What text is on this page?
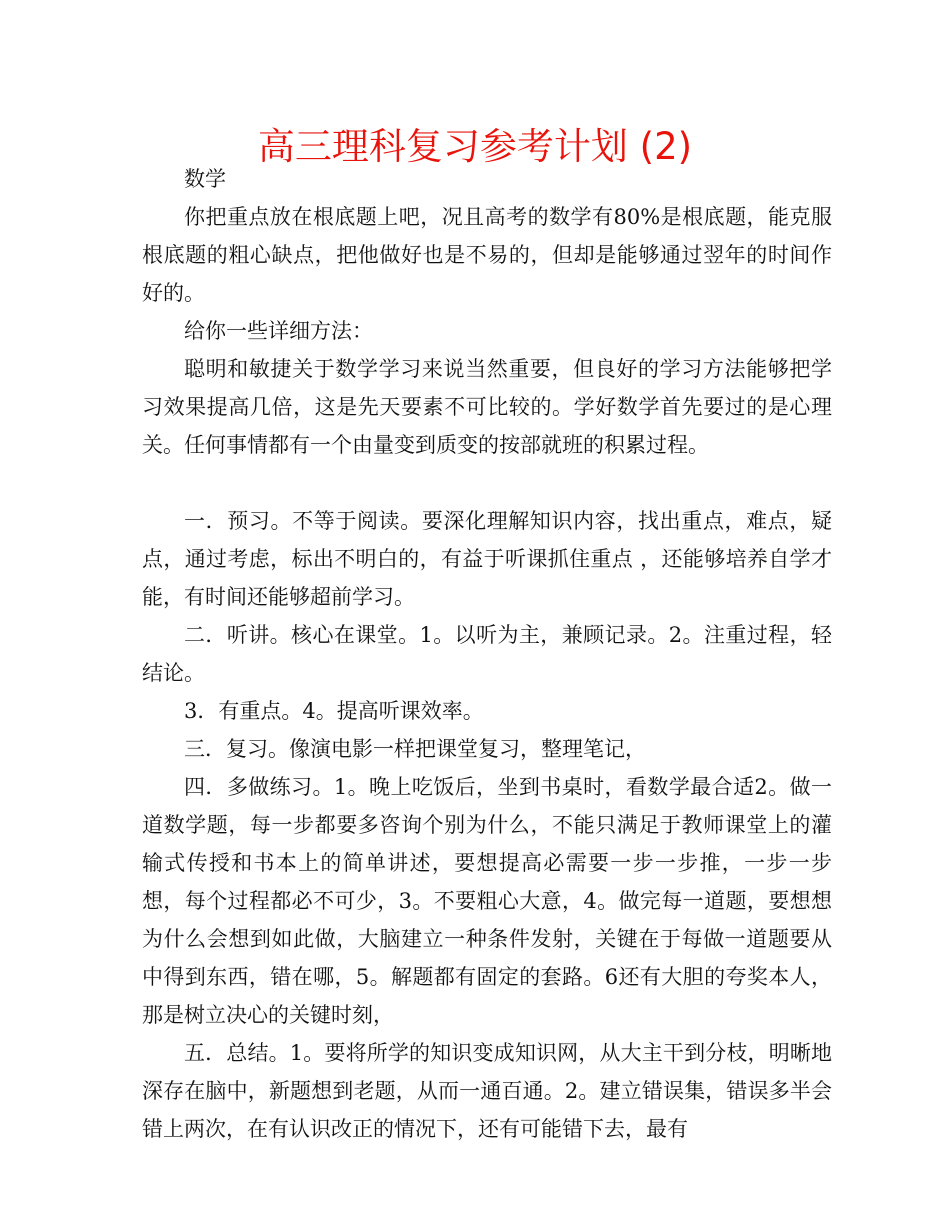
高三理科复习参考计划 (2)

数学

你把重点放在根底题上吧，况且高考的数学有80%是根底题，能克服根底题的粗心缺点，把他做好也是不易的，但却是能够通过翌年的时间作好的。

给你一些详细方法：

聪明和敏捷关于数学学习来说当然重要，但良好的学习方法能够把学习效果提高几倍，这是先天要素不可比较的。学好数学首先要过的是心理关。任何事情都有一个由量变到质变的按部就班的积累过程。

一．预习。不等于阅读。要深化理解知识内容，找出重点，难点，疑点，通过考虑，标出不明白的，有益于听课抓住重点 ，还能够培养自学才能，有时间还能够超前学习。

二．听讲。核心在课堂。1。以听为主，兼顾记录。2。注重过程，轻结论。

3．有重点。4。提高听课效率。

三．复习。像演电影一样把课堂复习，整理笔记，

四．多做练习。1。晚上吃饭后，坐到书桌时，看数学最合适2。做一道数学题，每一步都要多咨询个别为什么，不能只满足于教师课堂上的灌输式传授和书本上的简单讲述，要想提高必需要一步一步推，一步一步想，每个过程都必不可少，3。不要粗心大意，4。做完每一道题，要想想为什么会想到如此做，大脑建立一种条件发射，关键在于每做一道题要从中得到东西，错在哪，5。解题都有固定的套路。6还有大胆的夸奖本人，那是树立决心的关键时刻，

五．总结。1。要将所学的知识变成知识网，从大主干到分枝，明晰地深存在脑中，新题想到老题，从而一通百通。2。建立错误集，错误多半会错上两次，在有认识改正的情况下，还有可能错下去，最有
